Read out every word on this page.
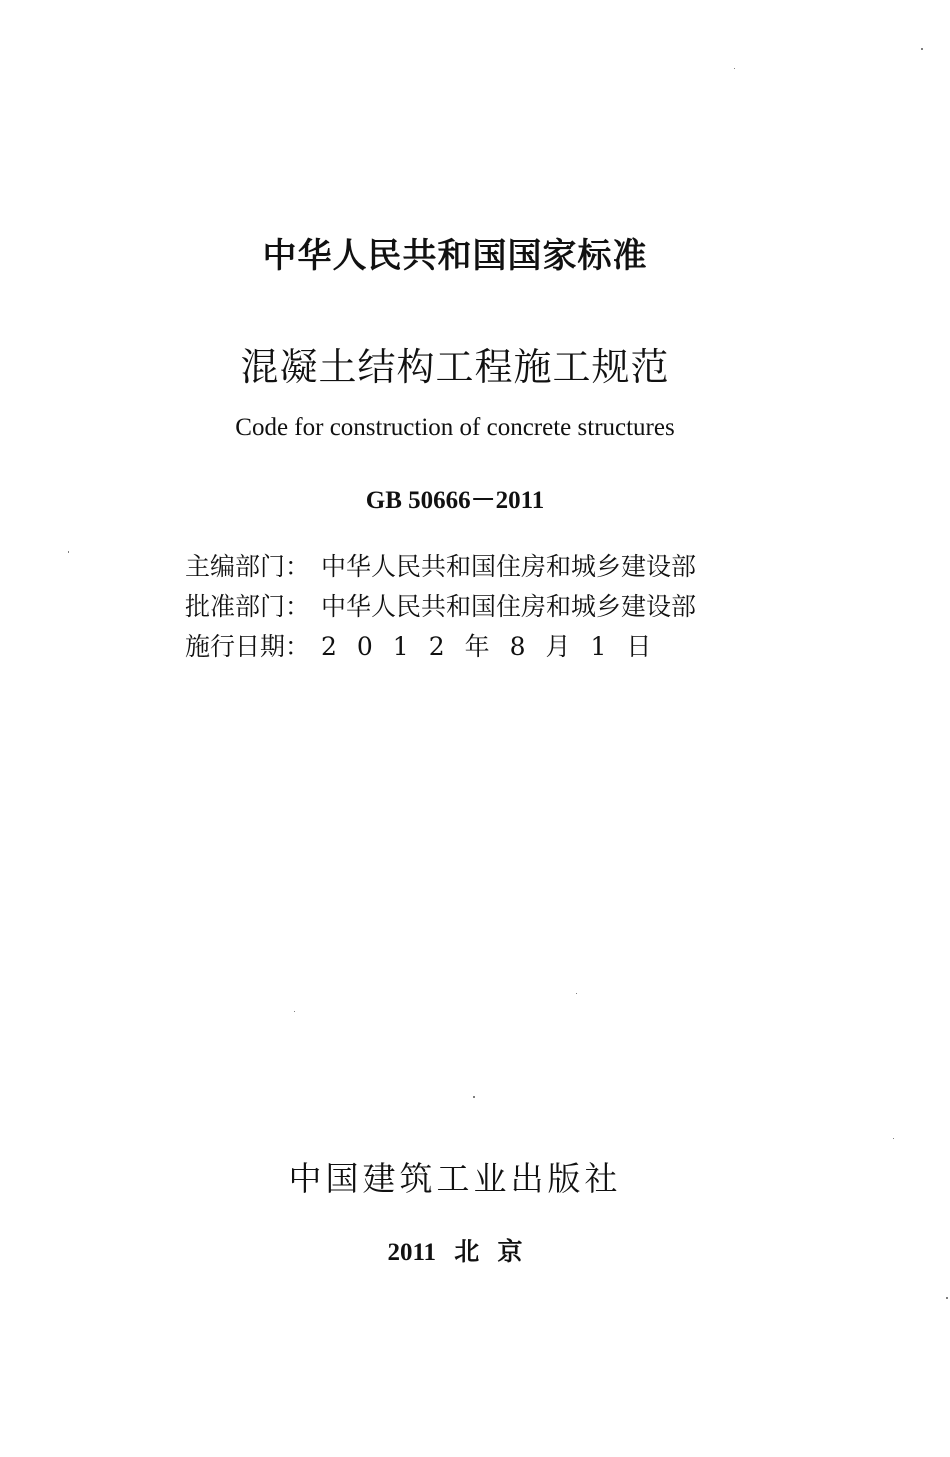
中华人民共和国国家标准
混凝土结构工程施工规范
Code for construction of concrete structures
GB 50666－2011
主编部门： 中华人民共和国住房和城乡建设部
批准部门： 中华人民共和国住房和城乡建设部
施行日期： 2012年8月1日
中国建筑工业出版社
2011 北 京
